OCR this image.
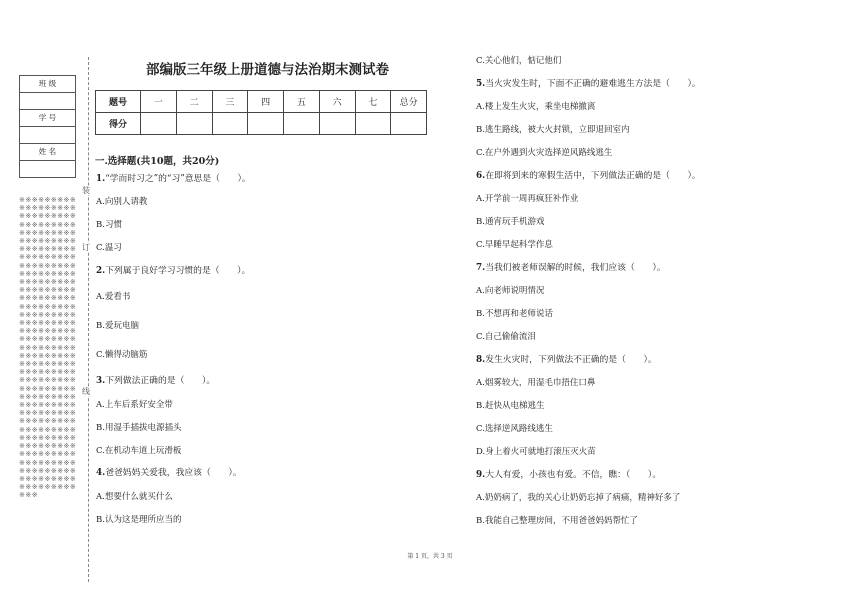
班 级

学 号

姓 名

※※※※※※※※※※※※※※※※※※※※※※※※※※※※※※※※※※※※※※※※※※※※※※※※※※※※※※※※※※※※※※※※※※※※※※※※※※※※※※※※※※※※※※※※※※※※※※※※※※※※※※※※※※※※※※※※※※※※※※※※※※※※※※※※※※※※※※※※※※※※※※※※※※※※※※※※※※※※※※※※※※※※※※※※※※※※※※※※※※※※※※※※※※※※※※※※※※※※※※※※※※※※※※※※※※※※※※※※※※※※※※※※※※※※※※※※※※※※※※※※※※※※※※※※※※※※※※※※※※※※※※※※※※※※※※※※※※※※※※※※※※※※※※※※※※※※※※※※※※※※※※※※※※※※※※※※※※※※※※※※※※※※※※※
装
订
线
部编版三年级上册道德与法治期末测试卷
题号	一	二	三	四	五	六	七	总分
得分								
一.选择题(共10题，共20分)
1.“学而时习之”的“习”意思是（　　）。
A.向别人请教
B.习惯
C.温习
2.下列属于良好学习习惯的是（　　）。
A.爱看书
B.爱玩电脑
C.懒得动脑筋
3.下列做法正确的是（　　）。
A.上车后系好安全带
B.用湿手插拔电源插头
C.在机动车道上玩滑板
4.爸爸妈妈关爱我，我应该（　　）。
A.想要什么就买什么
B.认为这是理所应当的
C.关心他们，惦记他们
5.当火灾发生时，下面不正确的避难逃生方法是（　　）。
A.楼上发生火灾，乘坐电梯撤离
B.逃生路线，被大火封锁，立即退回室内
C.在户外遇到火灾选择逆风路线逃生
6.在即将到来的寒假生活中，下列做法正确的是（　　）。
A.开学前一周再疯狂补作业
B.通宵玩手机游戏
C.早睡早起科学作息
7.当我们被老师误解的时候，我们应该（　　）。
A.向老师说明情况
B.不想再和老师说话
C.自己偷偷流泪
8.发生火灾时，下列做法不正确的是（　　）。
A.烟雾较大，用湿毛巾捂住口鼻
B.赶快从电梯逃生
C.选择逆风路线逃生
D.身上着火可就地打滚压灭火苗
9.大人有爱，小孩也有爱。不信，瞧：（　　）。
A.奶奶病了，我的关心让奶奶忘掉了病痛，精神好多了
B.我能自己整理房间，不用爸爸妈妈帮忙了
第 1 页，共 3 页
